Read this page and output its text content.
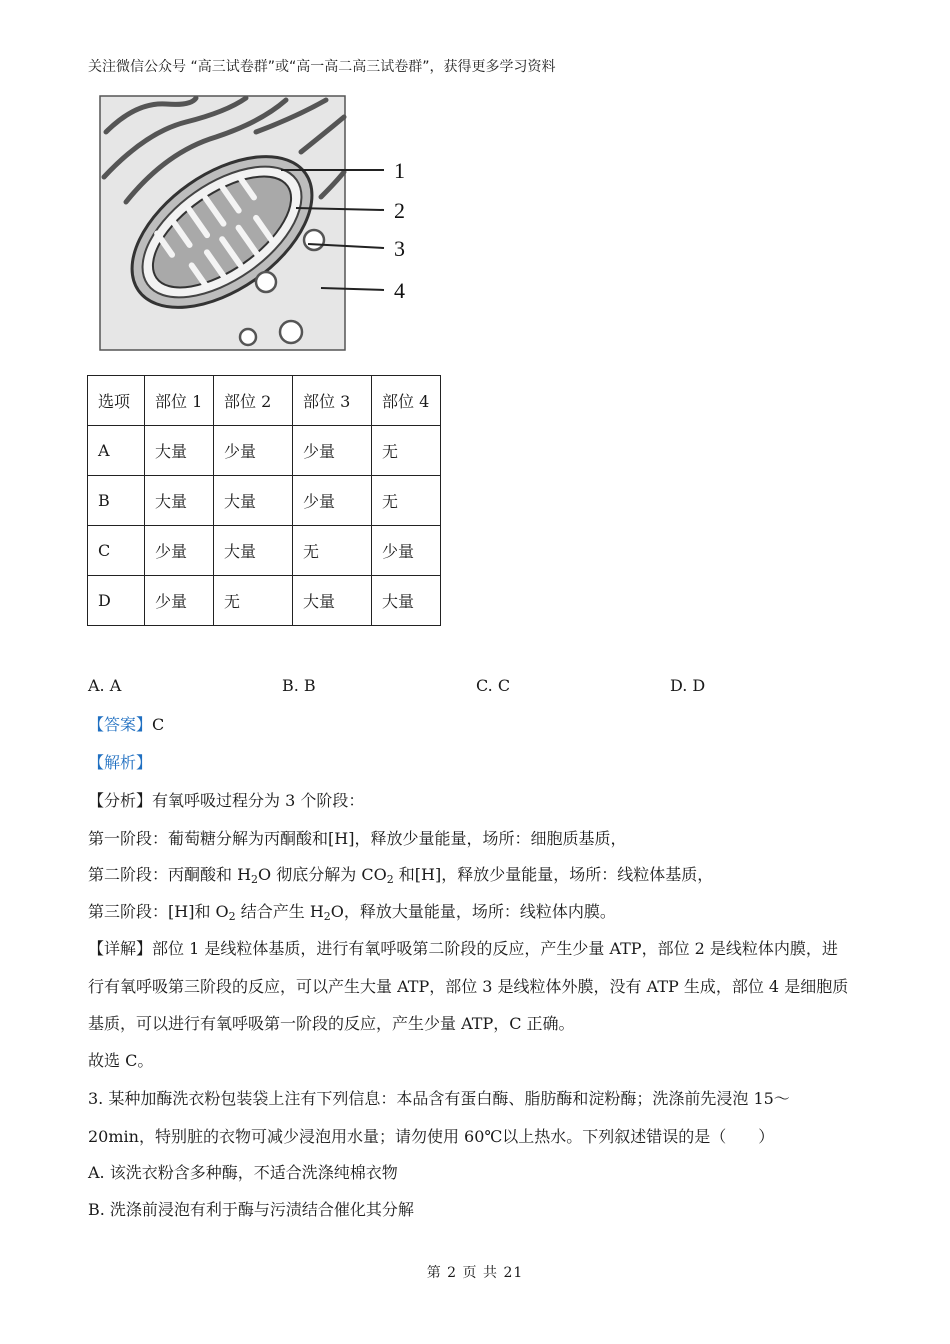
关注微信公众号 “高三试卷群”或“高一高二高三试卷群”，获得更多学习资料
1
2
3
4
选项	部位 1	部位 2	部位 3	部位 4
A	大量	少量	少量	无
B	大量	大量	少量	无
C	少量	大量	无	少量
D	少量	无	大量	大量
A. A	B. B	C. C	D. D
【答案】C
【解析】
【分析】有氧呼吸过程分为 3 个阶段：
第一阶段：葡萄糖分解为丙酮酸和[H]，释放少量能量，场所：细胞质基质，
第二阶段：丙酮酸和 $H_2O$ 彻底分解为 $CO_2$ 和[H]，释放少量能量，场所：线粒体基质，
第三阶段：[H]和 $O_2$ 结合产生 $H_2O$，释放大量能量，场所：线粒体内膜。
【详解】部位 1 是线粒体基质，进行有氧呼吸第二阶段的反应，产生少量 ATP，部位 2 是线粒体内膜，进
行有氧呼吸第三阶段的反应，可以产生大量 ATP，部位 3 是线粒体外膜，没有 ATP 生成，部位 4 是细胞质
基质，可以进行有氧呼吸第一阶段的反应，产生少量 ATP，C 正确。
故选 C。
3. 某种加酶洗衣粉包装袋上注有下列信息：本品含有蛋白酶、脂肪酶和淀粉酶；洗涤前先浸泡 15～
20min，特别脏的衣物可减少浸泡用水量；请勿使用 60℃以上热水。下列叙述错误的是（　　）
A. 该洗衣粉含多种酶，不适合洗涤纯棉衣物
B. 洗涤前浸泡有利于酶与污渍结合催化其分解
第 2 页 共 21
